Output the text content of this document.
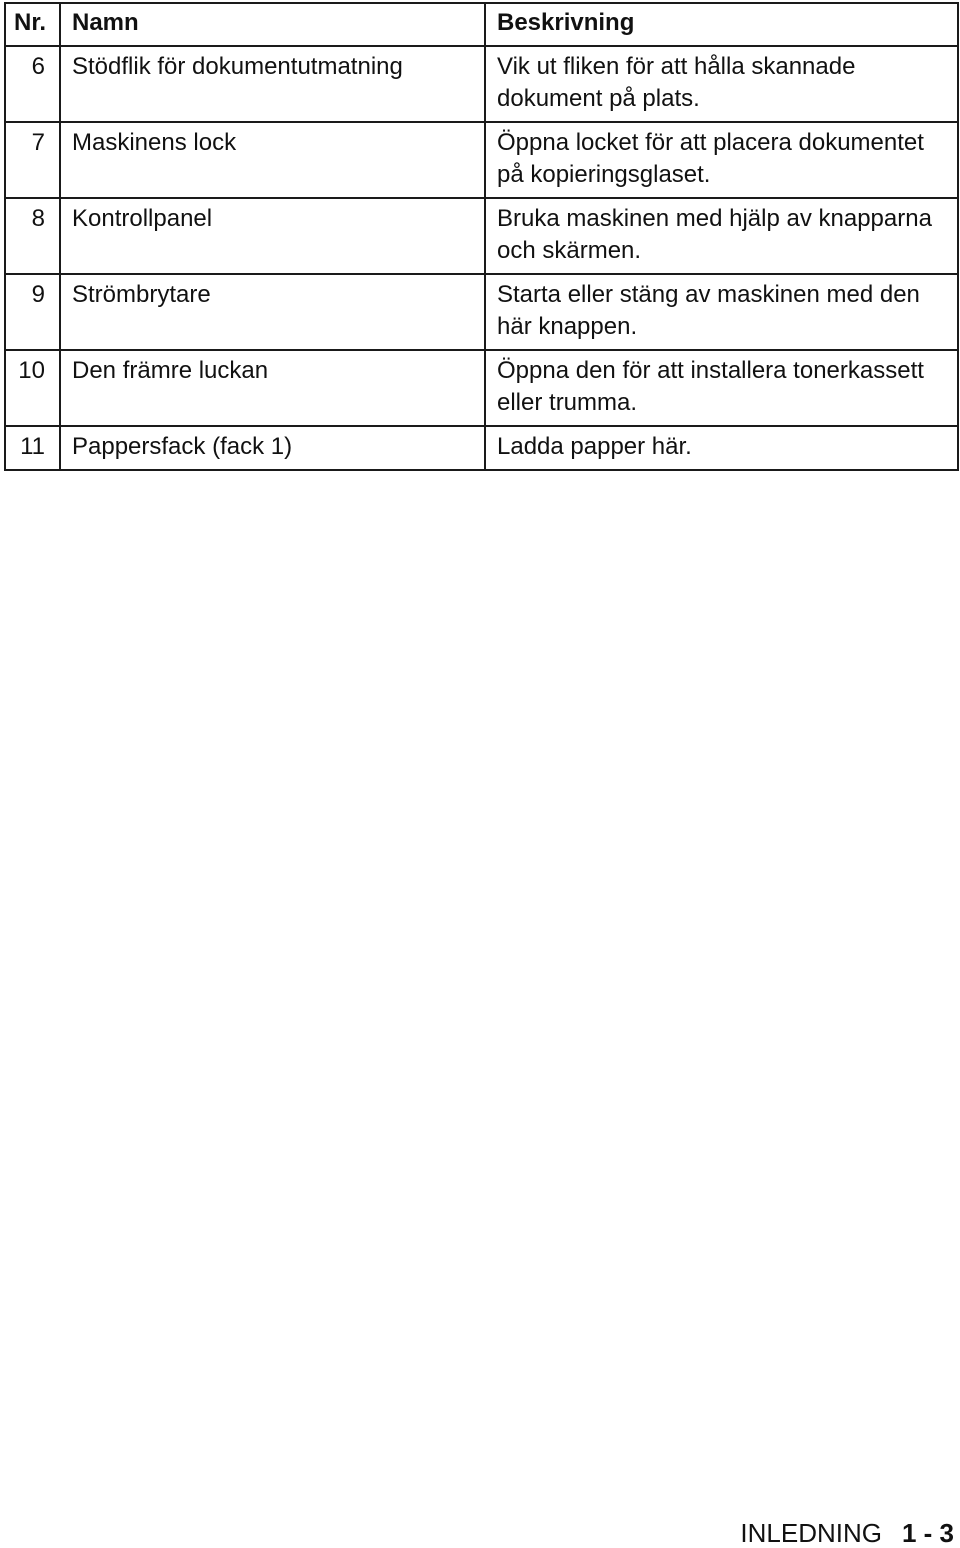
Nr.	Namn	Beskrivning
6	Stödflik för dokumentutmatning	Vik ut fliken för att hålla skannade dokument på plats.
7	Maskinens lock	Öppna locket för att placera dokumentet på kopieringsglaset.
8	Kontrollpanel	Bruka maskinen med hjälp av knapparna och skärmen.
9	Strömbrytare	Starta eller stäng av maskinen med den här knappen.
10	Den främre luckan	Öppna den för att installera tonerkassett eller trumma.
11	Pappersfack (fack 1)	Ladda papper här.
INLEDNING 1 - 3
